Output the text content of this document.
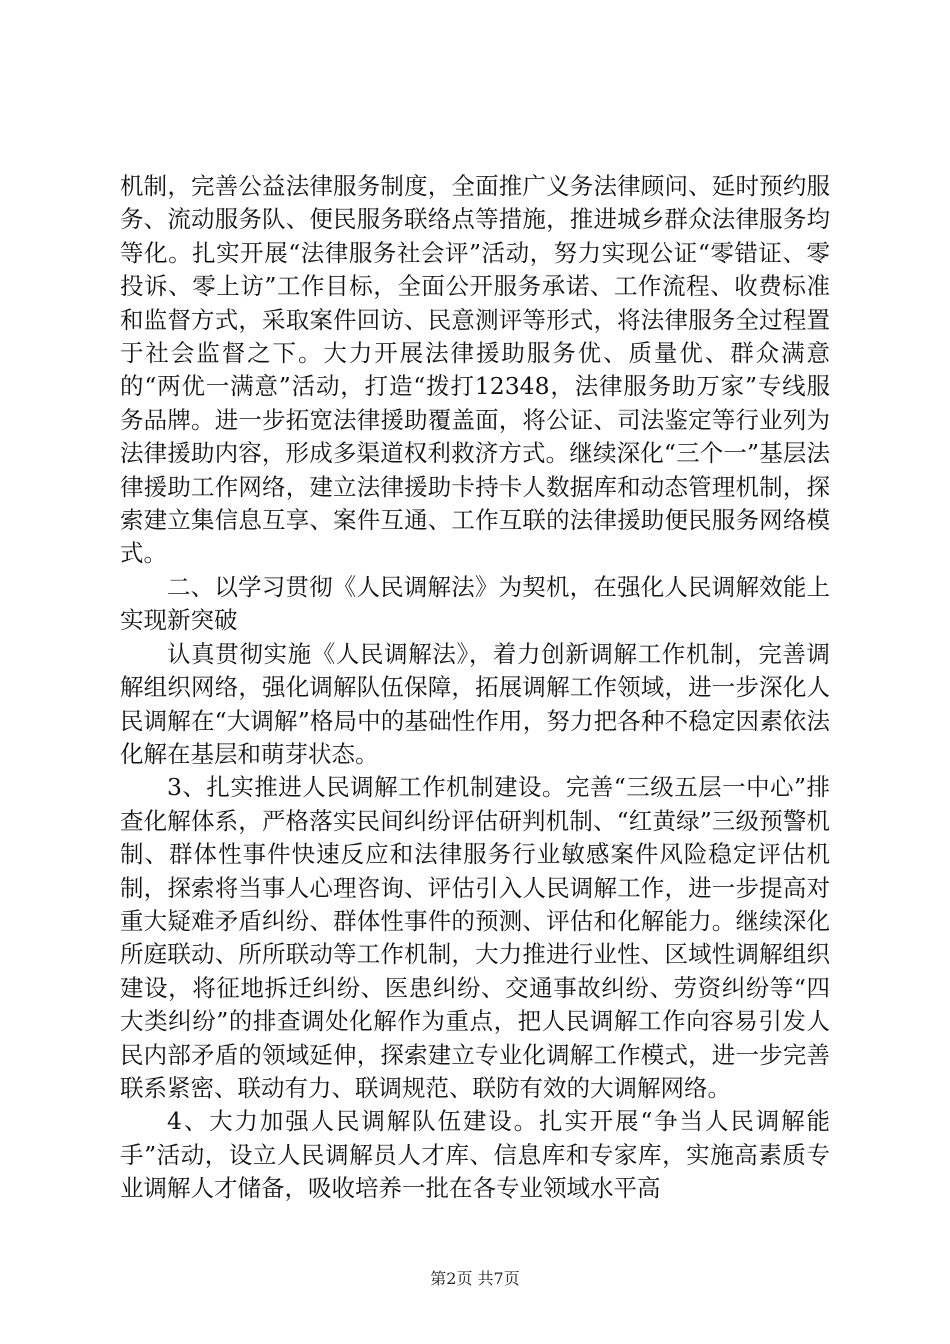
机制，完善公益法律服务制度，全面推广义务法律顾问、延时预约服务、流动服务队、便民服务联络点等措施，推进城乡群众法律服务均等化。扎实开展“法律服务社会评”活动，努力实现公证“零错证、零投诉、零上访”工作目标，全面公开服务承诺、工作流程、收费标准和监督方式，采取案件回访、民意测评等形式，将法律服务全过程置于社会监督之下。大力开展法律援助服务优、质量优、群众满意的“两优一满意”活动，打造“拨打12348，法律服务助万家”专线服务品牌。进一步拓宽法律援助覆盖面，将公证、司法鉴定等行业列为法律援助内容，形成多渠道权利救济方式。继续深化“三个一”基层法律援助工作网络，建立法律援助卡持卡人数据库和动态管理机制，探索建立集信息互享、案件互通、工作互联的法律援助便民服务网络模式。

二、以学习贯彻《人民调解法》为契机，在强化人民调解效能上实现新突破

认真贯彻实施《人民调解法》，着力创新调解工作机制，完善调解组织网络，强化调解队伍保障，拓展调解工作领域，进一步深化人民调解在“大调解”格局中的基础性作用，努力把各种不稳定因素依法化解在基层和萌芽状态。

3、扎实推进人民调解工作机制建设。完善“三级五层一中心”排查化解体系，严格落实民间纠纷评估研判机制、“红黄绿”三级预警机制、群体性事件快速反应和法律服务行业敏感案件风险稳定评估机制，探索将当事人心理咨询、评估引入人民调解工作，进一步提高对重大疑难矛盾纠纷、群体性事件的预测、评估和化解能力。继续深化所庭联动、所所联动等工作机制，大力推进行业性、区域性调解组织建设，将征地拆迁纠纷、医患纠纷、交通事故纠纷、劳资纠纷等“四大类纠纷”的排查调处化解作为重点，把人民调解工作向容易引发人民内部矛盾的领域延伸，探索建立专业化调解工作模式，进一步完善联系紧密、联动有力、联调规范、联防有效的大调解网络。

4、大力加强人民调解队伍建设。扎实开展“争当人民调解能手”活动，设立人民调解员人才库、信息库和专家库，实施高素质专业调解人才储备，吸收培养一批在各专业领域水平高

第2页 共7页
